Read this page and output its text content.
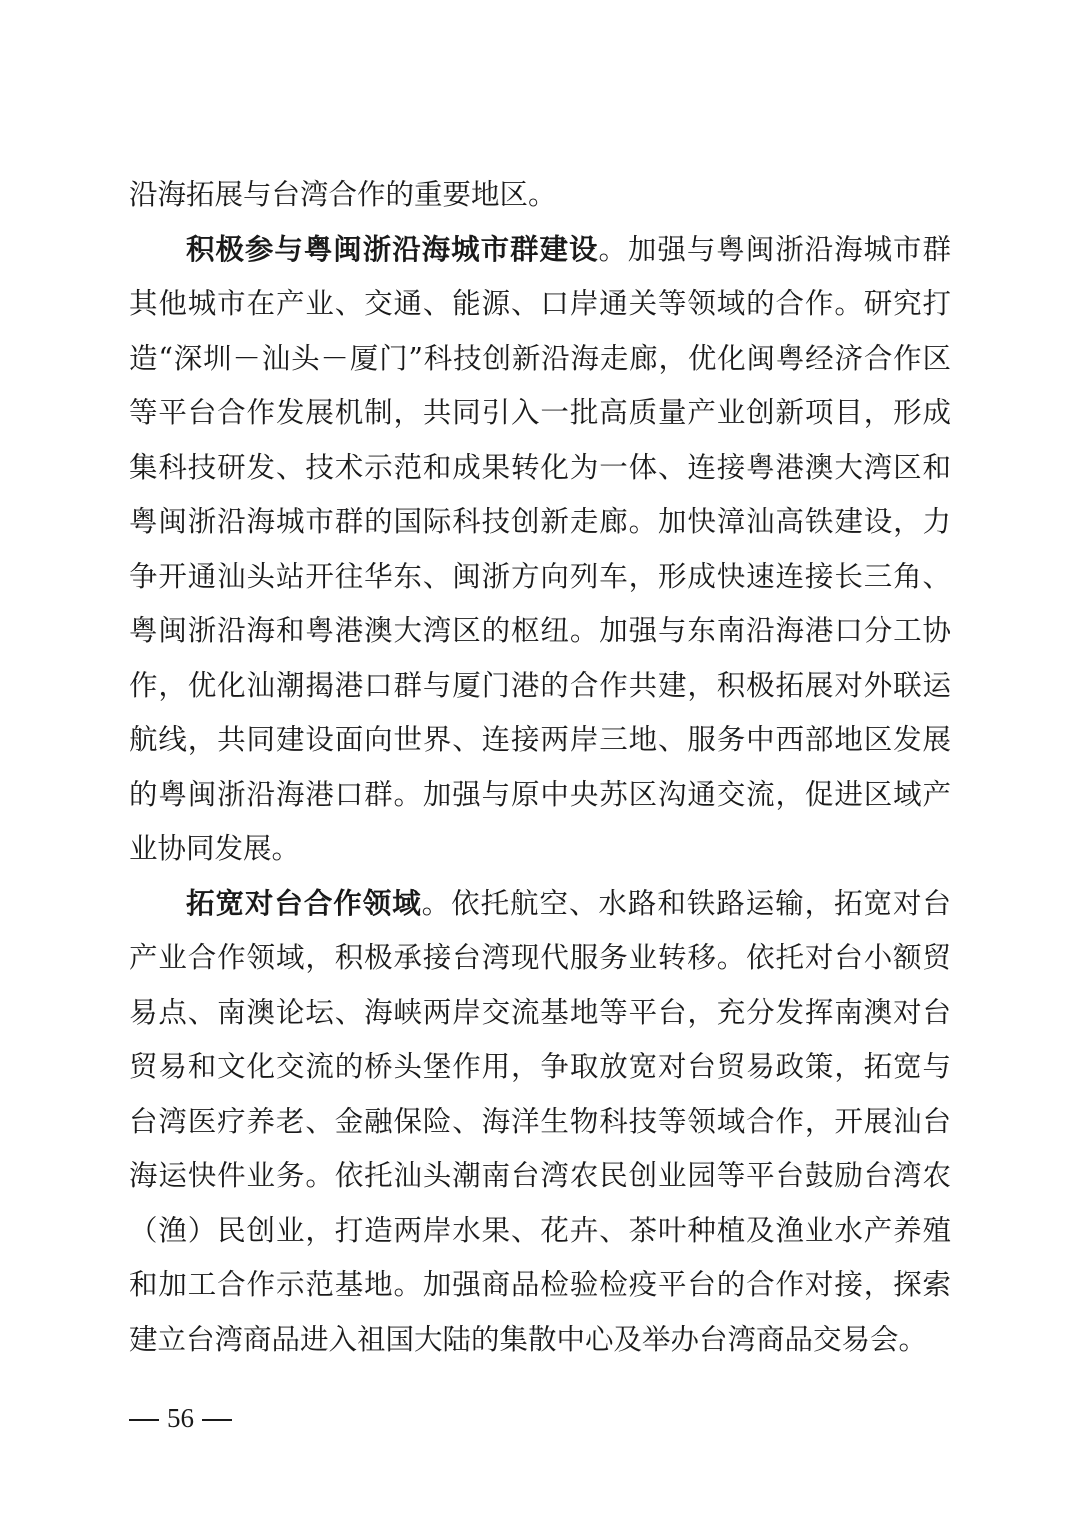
沿海拓展与台湾合作的重要地区。

积极参与粤闽浙沿海城市群建设。加强与粤闽浙沿海城市群其他城市在产业、交通、能源、口岸通关等领域的合作。研究打造“深圳－汕头－厦门”科技创新沿海走廊，优化闽粤经济合作区等平台合作发展机制，共同引入一批高质量产业创新项目，形成集科技研发、技术示范和成果转化为一体、连接粤港澳大湾区和粤闽浙沿海城市群的国际科技创新走廊。加快漳汕高铁建设，力争开通汕头站开往华东、闽浙方向列车，形成快速连接长三角、粤闽浙沿海和粤港澳大湾区的枢纽。加强与东南沿海港口分工协作，优化汕潮揭港口群与厦门港的合作共建，积极拓展对外联运航线，共同建设面向世界、连接两岸三地、服务中西部地区发展的粤闽浙沿海港口群。加强与原中央苏区沟通交流，促进区域产业协同发展。

拓宽对台合作领域。依托航空、水路和铁路运输，拓宽对台产业合作领域，积极承接台湾现代服务业转移。依托对台小额贸易点、南澳论坛、海峡两岸交流基地等平台，充分发挥南澳对台贸易和文化交流的桥头堡作用，争取放宽对台贸易政策，拓宽与台湾医疗养老、金融保险、海洋生物科技等领域合作，开展汕台海运快件业务。依托汕头潮南台湾农民创业园等平台鼓励台湾农（渔）民创业，打造两岸水果、花卉、茶叶种植及渔业水产养殖和加工合作示范基地。加强商品检验检疫平台的合作对接，探索建立台湾商品进入祖国大陆的集散中心及举办台湾商品交易会。

56
